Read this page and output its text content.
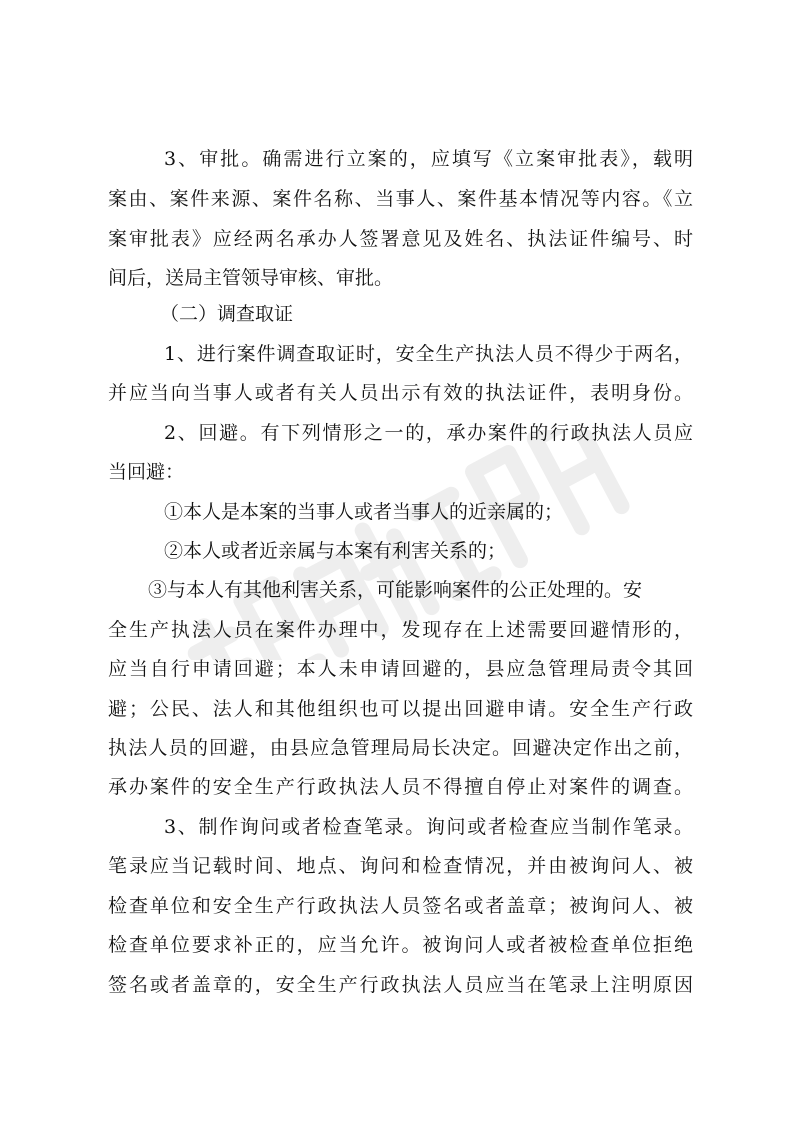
3、审批。确需进行立案的，应填写《立案审批表》，载明
案由、案件来源、案件名称、当事人、案件基本情况等内容。《立
案审批表》应经两名承办人签署意见及姓名、执法证件编号、时
间后，送局主管领导审核、审批。
（二）调查取证
1、进行案件调查取证时，安全生产执法人员不得少于两名，
并应当向当事人或者有关人员出示有效的执法证件，表明身份。
2、回避。有下列情形之一的，承办案件的行政执法人员应
当回避：
①本人是本案的当事人或者当事人的近亲属的；
②本人或者近亲属与本案有利害关系的；
③与本人有其他利害关系，可能影响案件的公正处理的。安
全生产执法人员在案件办理中，发现存在上述需要回避情形的，
应当自行申请回避；本人未申请回避的，县应急管理局责令其回
避；公民、法人和其他组织也可以提出回避申请。安全生产行政
执法人员的回避，由县应急管理局局长决定。回避决定作出之前，
承办案件的安全生产行政执法人员不得擅自停止对案件的调查。
3、制作询问或者检查笔录。询问或者检查应当制作笔录。
笔录应当记载时间、地点、询问和检查情况，并由被询问人、被
检查单位和安全生产行政执法人员签名或者盖章；被询问人、被
检查单位要求补正的，应当允许。被询问人或者被检查单位拒绝
签名或者盖章的，安全生产行政执法人员应当在笔录上注明原因
